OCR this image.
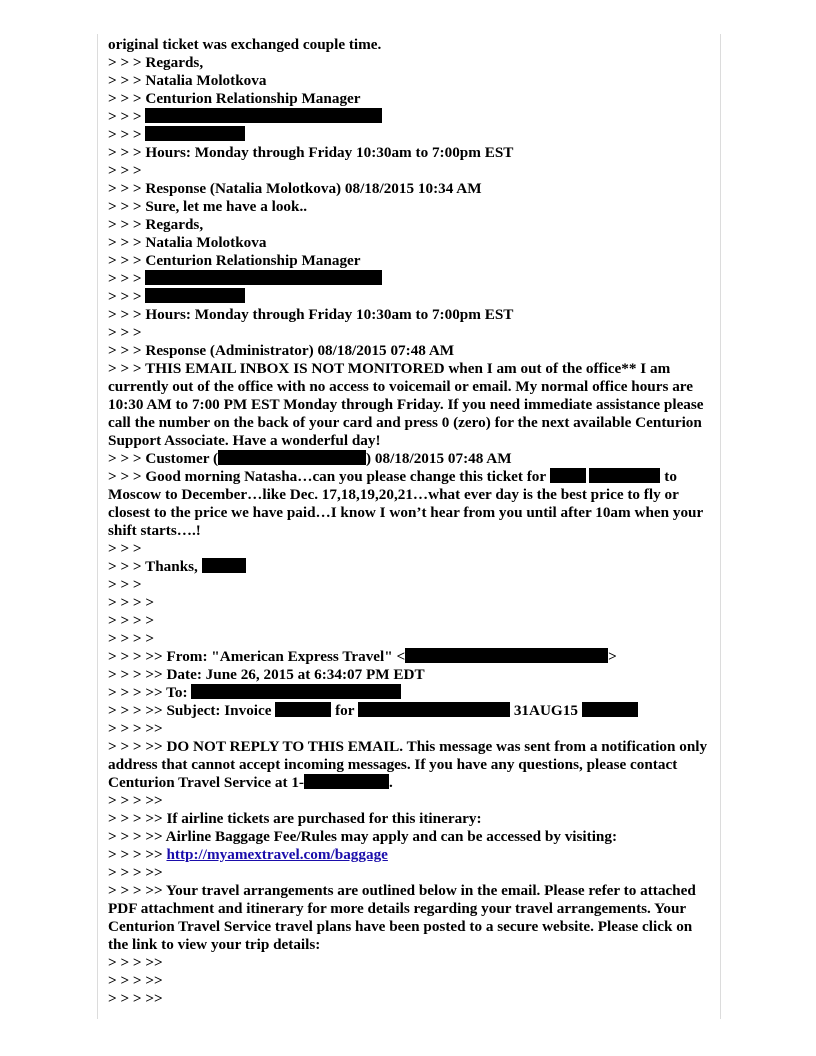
original ticket was exchanged couple time.
> > > Regards,
> > > Natalia Molotkova
> > > Centurion Relationship Manager
> > >
> > >
> > > Hours: Monday through Friday 10:30am to 7:00pm EST
> > >
> > > Response (Natalia Molotkova) 08/18/2015 10:34 AM
> > > Sure, let me have a look..
> > > Regards,
> > > Natalia Molotkova
> > > Centurion Relationship Manager
> > >
> > >
> > > Hours: Monday through Friday 10:30am to 7:00pm EST
> > >
> > > Response (Administrator) 08/18/2015 07:48 AM
> > > THIS EMAIL INBOX IS NOT MONITORED when I am out of the office** I am currently out of the office with no access to voicemail or email. My normal office hours are 10:30 AM to 7:00 PM EST Monday through Friday. If you need immediate assistance please call the number on the back of your card and press 0 (zero) for the next available Centurion Support Associate. Have a wonderful day!
> > > Customer (	) 08/18/2015 07:48 AM
> > > Good morning Natasha…can you please change this ticket for	to Moscow to December…like Dec. 17,18,19,20,21…what ever day is the best price to fly or closest to the price we have paid…I know I won’t hear from you until after 10am when your shift starts….!
> > >
> > > Thanks,
> > >
> > > >
> > > >
> > > >
> > > >> From: "American Express Travel" <	>
> > > >> Date: June 26, 2015 at 6:34:07 PM EDT
> > > >> To:
> > > >> Subject: Invoice	for	31AUG15
> > > >>
> > > >> DO NOT REPLY TO THIS EMAIL. This message was sent from a notification only address that cannot accept incoming messages. If you have any questions, please contact Centurion Travel Service at 1-	.
> > > >>
> > > >> If airline tickets are purchased for this itinerary:
> > > >> Airline Baggage Fee/Rules may apply and can be accessed by visiting:
> > > >> http://myamextravel.com/baggage
> > > >>
> > > >> Your travel arrangements are outlined below in the email. Please refer to attached PDF attachment and itinerary for more details regarding your travel arrangements. Your Centurion Travel Service travel plans have been posted to a secure website. Please click on the link to view your trip details:
> > > >>
> > > >>
> > > >>
